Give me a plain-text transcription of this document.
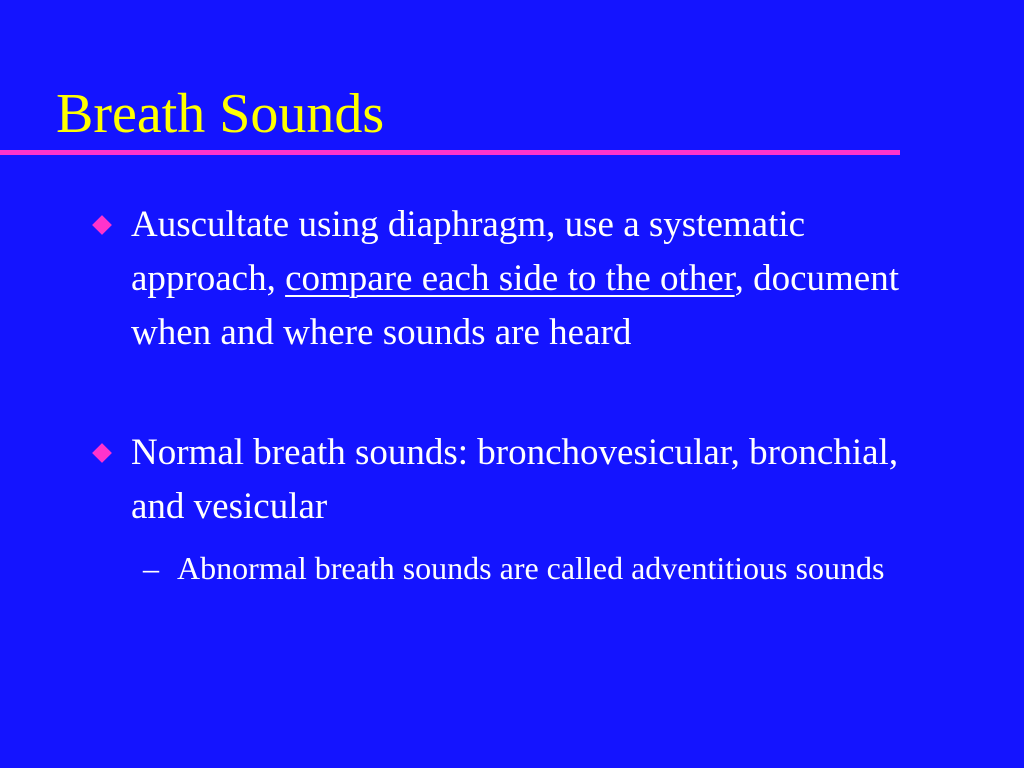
Breath Sounds
Auscultate using diaphragm, use a systematic approach, compare each side to the other, document when and where sounds are heard
Normal breath sounds: bronchovesicular, bronchial, and vesicular
– Abnormal breath sounds are called adventitious sounds
